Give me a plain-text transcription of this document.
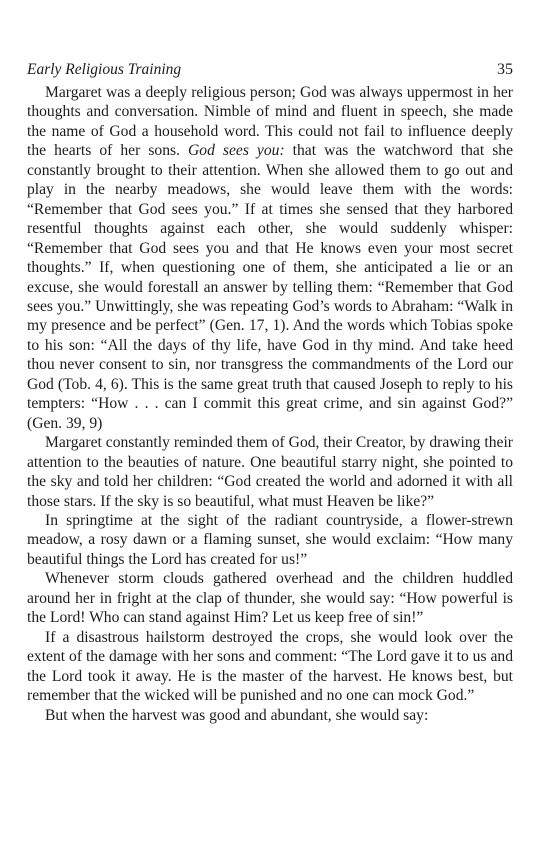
Early Religious Training	35

Margaret was a deeply religious person; God was always uppermost in her thoughts and conversation. Nimble of mind and fluent in speech, she made the name of God a household word. This could not fail to influence deeply the hearts of her sons. God sees you: that was the watchword that she constantly brought to their attention. When she allowed them to go out and play in the nearby meadows, she would leave them with the words: “Remember that God sees you.” If at times she sensed that they harbored resentful thoughts against each other, she would suddenly whisper: “Remember that God sees you and that He knows even your most secret thoughts.” If, when questioning one of them, she anticipated a lie or an excuse, she would forestall an answer by telling them: “Remember that God sees you.” Unwittingly, she was repeating God’s words to Abraham: “Walk in my presence and be perfect” (Gen. 17, 1). And the words which Tobias spoke to his son: “All the days of thy life, have God in thy mind. And take heed thou never consent to sin, nor transgress the commandments of the Lord our God (Tob. 4, 6). This is the same great truth that caused Joseph to reply to his tempters: “How . . . can I commit this great crime, and sin against God?” (Gen. 39, 9)

Margaret constantly reminded them of God, their Creator, by drawing their attention to the beauties of nature. One beautiful starry night, she pointed to the sky and told her children: “God created the world and adorned it with all those stars. If the sky is so beautiful, what must Heaven be like?”

In springtime at the sight of the radiant countryside, a flower-strewn meadow, a rosy dawn or a flaming sunset, she would exclaim: “How many beautiful things the Lord has created for us!”

Whenever storm clouds gathered overhead and the children huddled around her in fright at the clap of thunder, she would say: “How powerful is the Lord! Who can stand against Him? Let us keep free of sin!”

If a disastrous hailstorm destroyed the crops, she would look over the extent of the damage with her sons and comment: “The Lord gave it to us and the Lord took it away. He is the master of the harvest. He knows best, but remember that the wicked will be punished and no one can mock God.”

But when the harvest was good and abundant, she would say:
